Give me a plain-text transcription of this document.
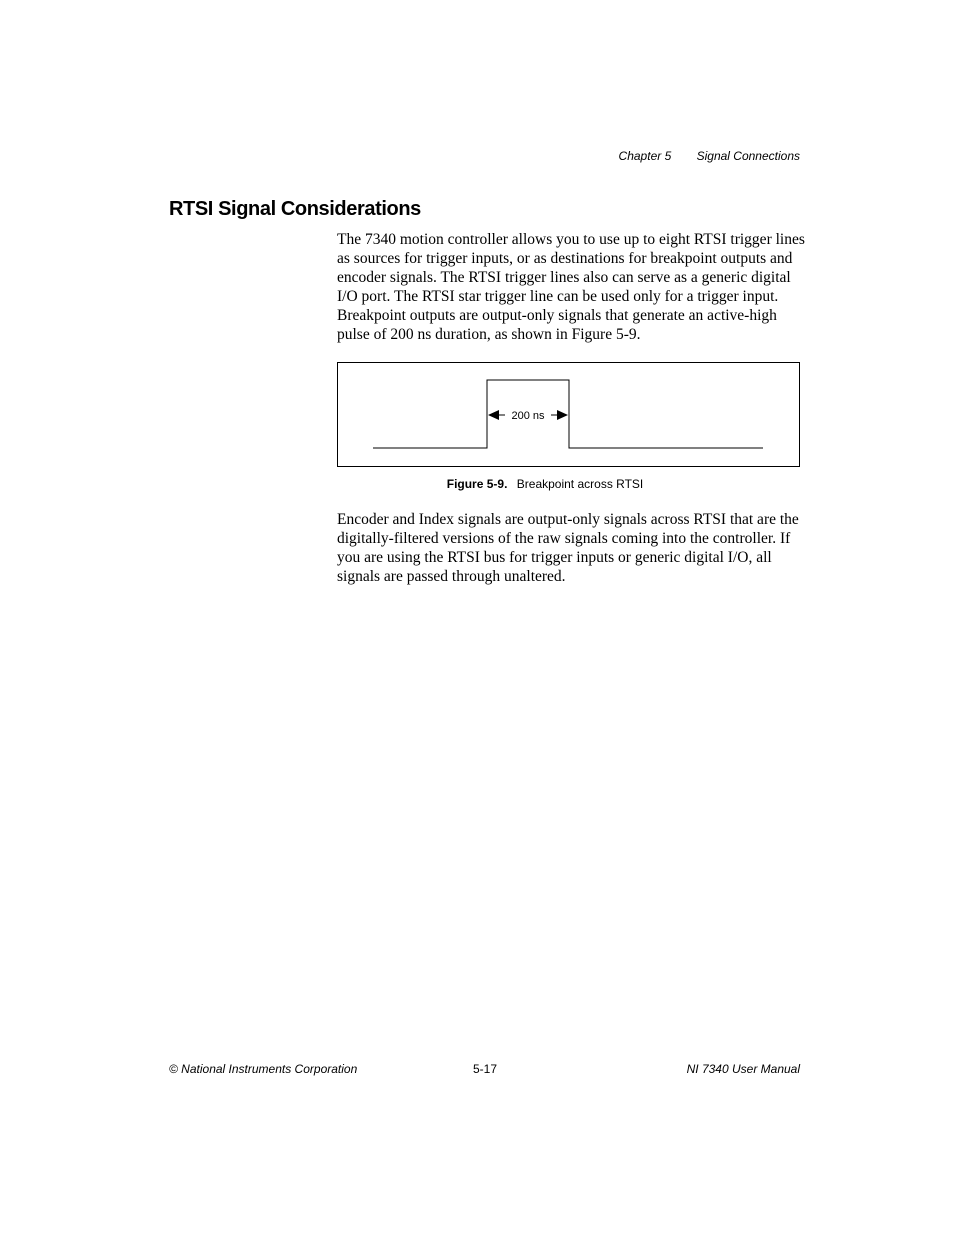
Chapter 5 Signal Connections
RTSI Signal Considerations

The 7340 motion controller allows you to use up to eight RTSI trigger lines as sources for trigger inputs, or as destinations for breakpoint outputs and encoder signals. The RTSI trigger lines also can serve as a generic digital I/O port. The RTSI star trigger line can be used only for a trigger input. Breakpoint outputs are output-only signals that generate an active-high pulse of 200 ns duration, as shown in Figure 5-9.

200 ns
Figure 5-9. Breakpoint across RTSI

Encoder and Index signals are output-only signals across RTSI that are the digitally-filtered versions of the raw signals coming into the controller. If you are using the RTSI bus for trigger inputs or generic digital I/O, all signals are passed through unaltered.

© National Instruments Corporation	5-17	NI 7340 User Manual
